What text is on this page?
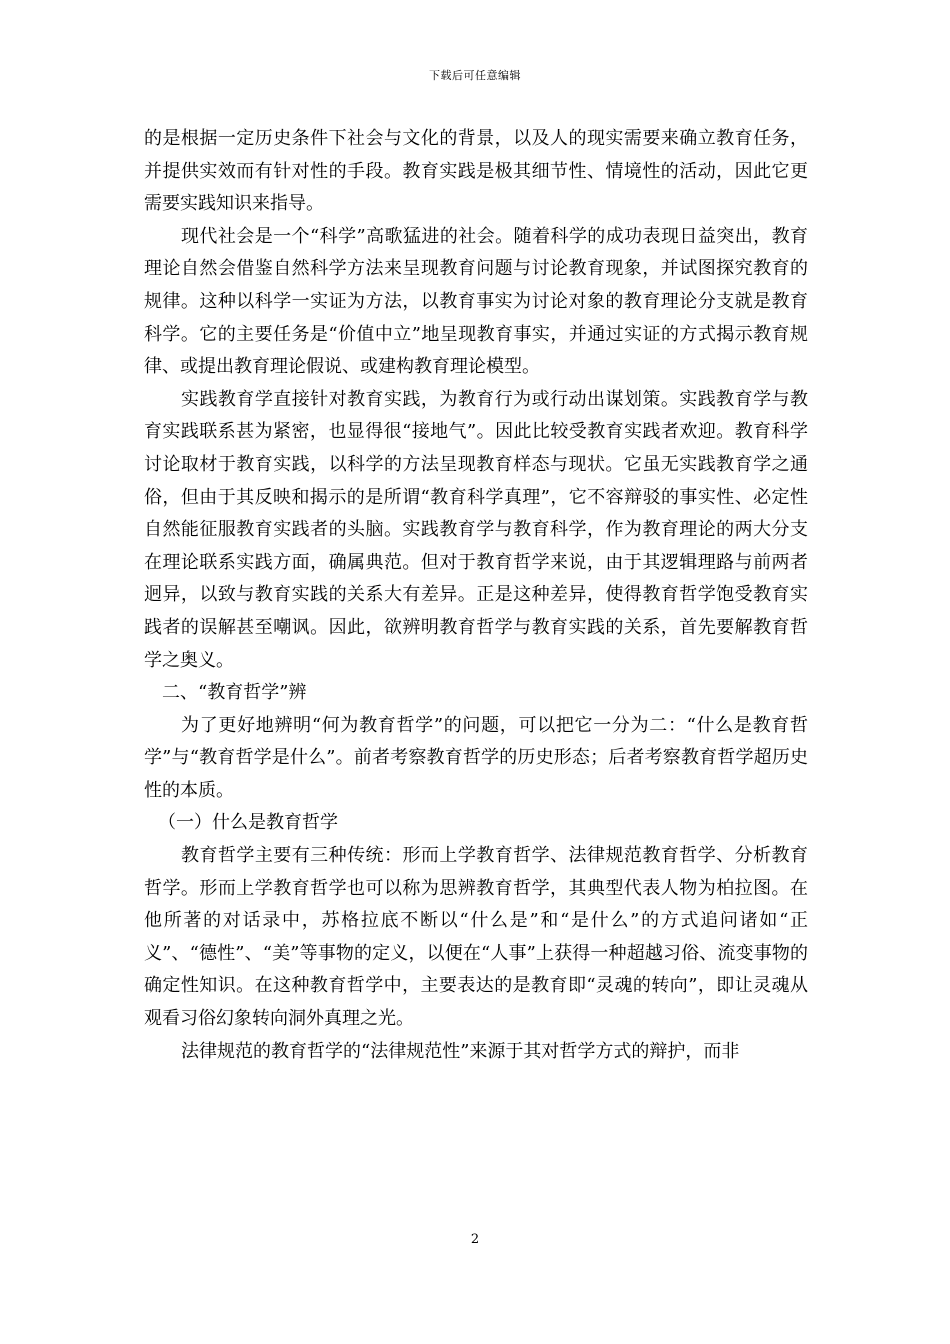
下载后可任意编辑

的是根据一定历史条件下社会与文化的背景，以及人的现实需要来确立教育任务，并提供实效而有针对性的手段。教育实践是极其细节性、情境性的活动，因此它更需要实践知识来指导。

现代社会是一个“科学”高歌猛进的社会。随着科学的成功表现日益突出，教育理论自然会借鉴自然科学方法来呈现教育问题与讨论教育现象，并试图探究教育的规律。这种以科学一实证为方法，以教育事实为讨论对象的教育理论分支就是教育科学。它的主要任务是“价值中立”地呈现教育事实，并通过实证的方式揭示教育规律、或提出教育理论假说、或建构教育理论模型。

实践教育学直接针对教育实践，为教育行为或行动出谋划策。实践教育学与教育实践联系甚为紧密，也显得很“接地气”。因此比较受教育实践者欢迎。教育科学讨论取材于教育实践，以科学的方法呈现教育样态与现状。它虽无实践教育学之通俗，但由于其反映和揭示的是所谓“教育科学真理”，它不容辩驳的事实性、必定性自然能征服教育实践者的头脑。实践教育学与教育科学，作为教育理论的两大分支在理论联系实践方面，确属典范。但对于教育哲学来说，由于其逻辑理路与前两者迥异，以致与教育实践的关系大有差异。正是这种差异，使得教育哲学饱受教育实践者的误解甚至嘲讽。因此，欲辨明教育哲学与教育实践的关系，首先要解教育哲学之奥义。

二、“教育哲学”辨

为了更好地辨明“何为教育哲学”的问题，可以把它一分为二：“什么是教育哲学”与“教育哲学是什么”。前者考察教育哲学的历史形态；后者考察教育哲学超历史性的本质。

（一）什么是教育哲学

教育哲学主要有三种传统：形而上学教育哲学、法律规范教育哲学、分析教育哲学。形而上学教育哲学也可以称为思辨教育哲学，其典型代表人物为柏拉图。在他所著的对话录中，苏格拉底不断以“什么是”和“是什么”的方式追问诸如“正义”、“德性”、“美”等事物的定义，以便在“人事”上获得一种超越习俗、流变事物的确定性知识。在这种教育哲学中，主要表达的是教育即“灵魂的转向”，即让灵魂从观看习俗幻象转向洞外真理之光。

法律规范的教育哲学的“法律规范性”来源于其对哲学方式的辩护，而非

2
